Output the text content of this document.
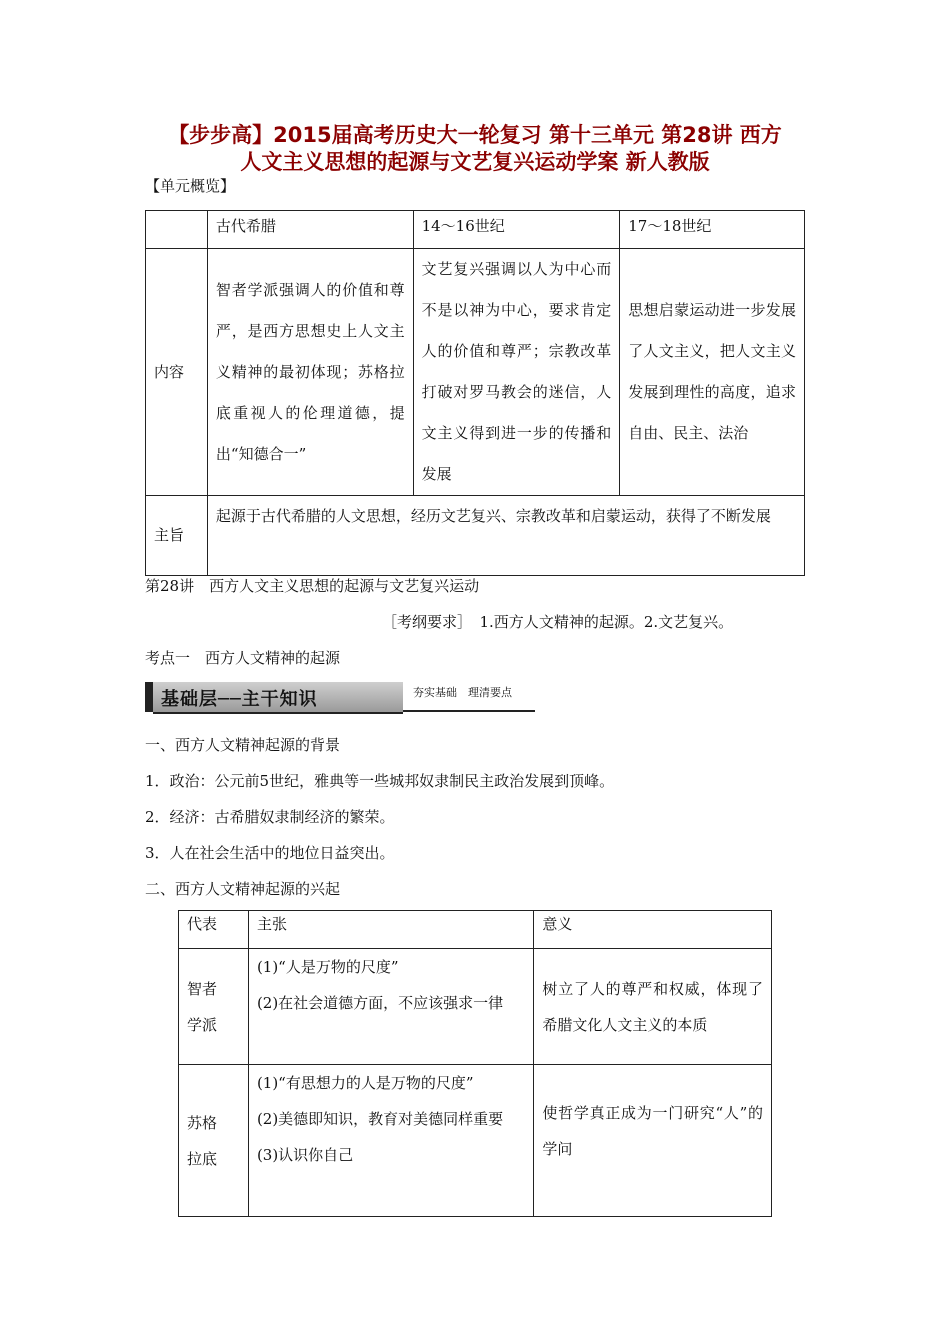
【步步高】2015届高考历史大一轮复习 第十三单元 第28讲 西方
人文主义思想的起源与文艺复兴运动学案 新人教版
【单元概览】
	古代希腊	14～16世纪	17～18世纪
内容	智者学派强调人的价值和尊严，是西方思想史上人文主义精神的最初体现；苏格拉底重视人的伦理道德，提出“知德合一”	文艺复兴强调以人为中心而不是以神为中心，要求肯定人的价值和尊严；宗教改革打破对罗马教会的迷信，人文主义得到进一步的传播和发展	思想启蒙运动进一步发展了人文主义，把人文主义发展到理性的高度，追求自由、民主、法治
主旨	起源于古代希腊的人文思想，经历文艺复兴、宗教改革和启蒙运动，获得了不断发展		
第28讲　西方人文主义思想的起源与文艺复兴运动
［考纲要求］　1.西方人文精神的起源。2.文艺复兴。
考点一　西方人文精神的起源
基础层──主干知识	夯实基础　理清要点
一、西方人文精神起源的背景
1．政治：公元前5世纪，雅典等一些城邦奴隶制民主政治发展到顶峰。
2．经济：古希腊奴隶制经济的繁荣。
3．人在社会生活中的地位日益突出。
二、西方人文精神起源的兴起
代表	主张	意义
智者学派	(1)“人是万物的尺度”
(2)在社会道德方面，不应该强求一律	树立了人的尊严和权威，体现了希腊文化人文主义的本质
苏格拉底	(1)“有思想力的人是万物的尺度”
(2)美德即知识，教育对美德同样重要
(3)认识你自己	使哲学真正成为一门研究“人”的学问
